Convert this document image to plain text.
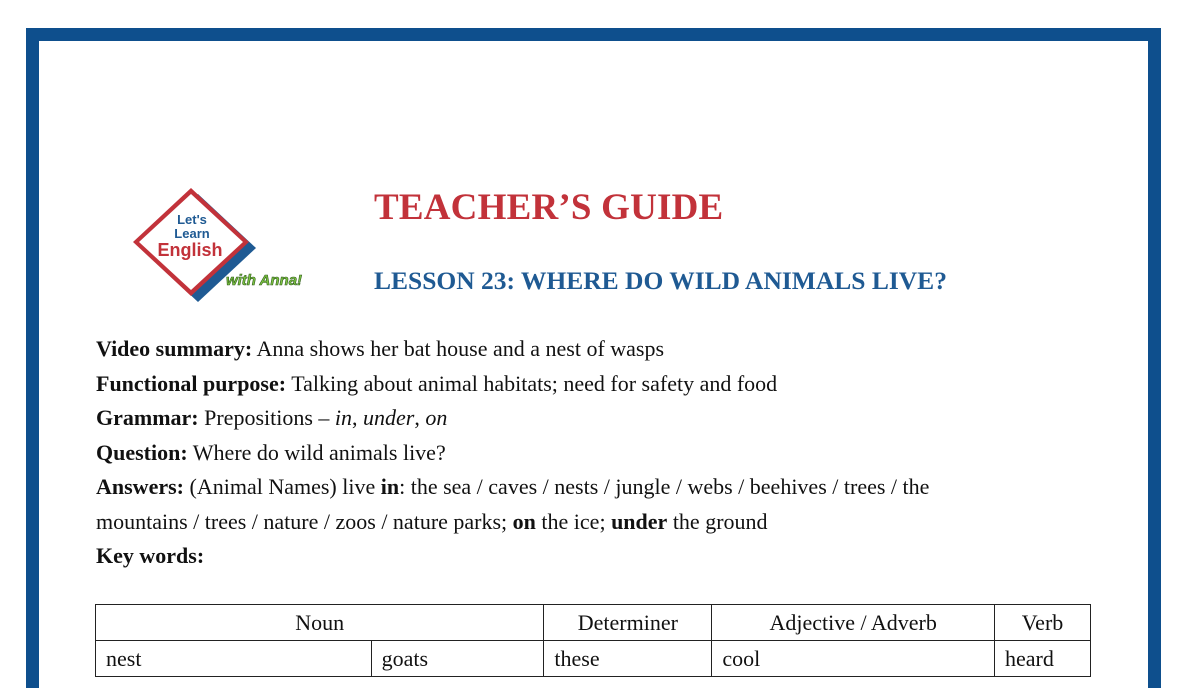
Let's
Learn
English
with Anna!
TEACHER’S GUIDE
LESSON 23: WHERE DO WILD ANIMALS LIVE?
Video summary: Anna shows her bat house and a nest of wasps
Functional purpose: Talking about animal habitats; need for safety and food
Grammar: Prepositions – in, under, on
Question: Where do wild animals live?
Answers: (Animal Names) live in: the sea / caves / nests / jungle / webs / beehives / trees / the
mountains / trees / nature / zoos / nature parks; on the ice; under the ground
Key words:
Noun		Determiner	Adjective / Adverb	Verb
nest	goats	these	cool	heard
